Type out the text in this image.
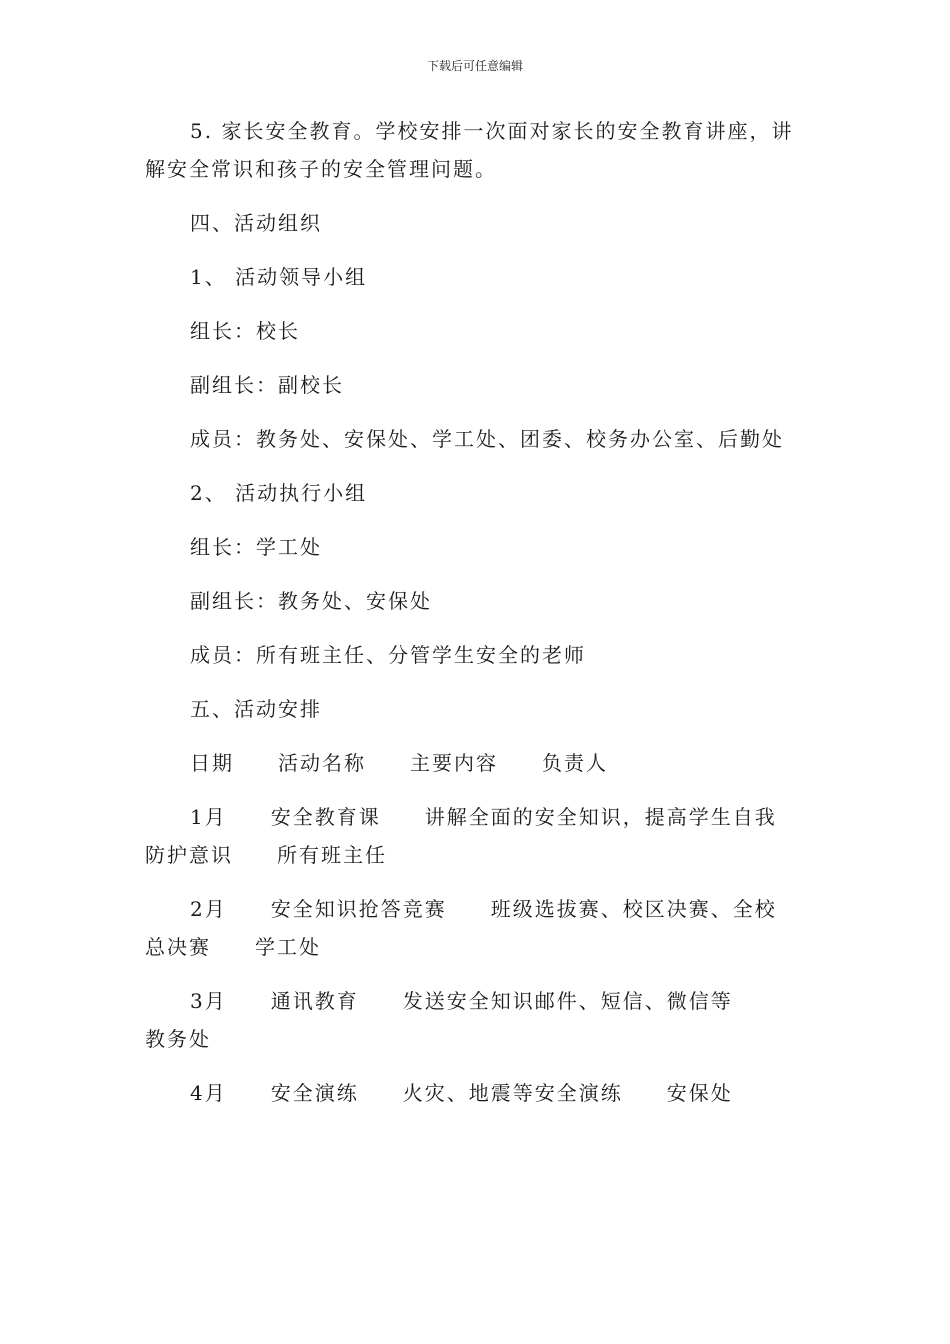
下载后可任意编辑
5. 家长安全教育。学校安排一次面对家长的安全教育讲座，讲
解安全常识和孩子的安全管理问题。
四、活动组织
1、 活动领导小组
组长：校长
副组长：副校长
成员：教务处、安保处、学工处、团委、校务办公室、后勤处
2、 活动执行小组
组长：学工处
副组长：教务处、安保处
成员：所有班主任、分管学生安全的老师
五、活动安排
日期 活动名称 主要内容 负责人
1月 安全教育课 讲解全面的安全知识，提高学生自我
防护意识 所有班主任
2月 安全知识抢答竞赛 班级选拔赛、校区决赛、全校
总决赛 学工处
3月 通讯教育 发送安全知识邮件、短信、微信等
教务处
4月 安全演练 火灾、地震等安全演练 安保处
